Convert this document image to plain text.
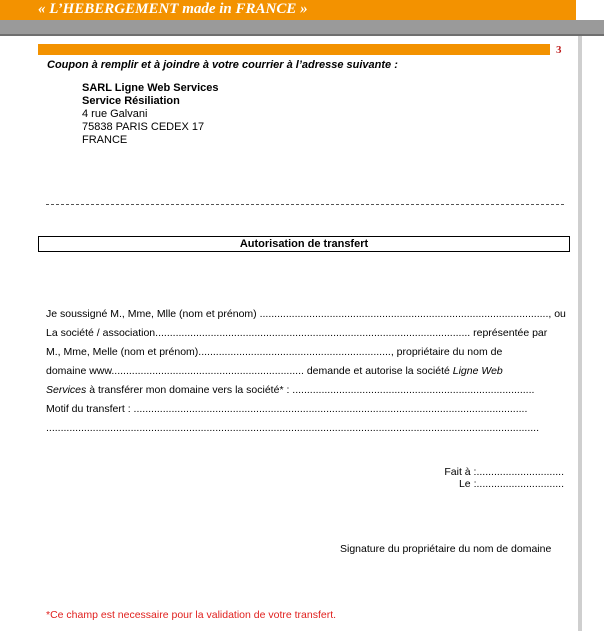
« L’HEBERGEMENT made in FRANCE »
3
Coupon à remplir et à joindre à votre courrier à l’adresse suivante :
SARL Ligne Web Services
Service Résiliation
4 rue Galvani
75838 PARIS CEDEX 17
FRANCE
Autorisation de transfert

Je soussigné M., Mme, Mlle (nom et prénom) ..................................................................................................., ou

La société / association............................................................................................................ représentée par

M., Mme, Melle (nom et prénom).................................................................., propriétaire du nom de

domaine www.................................................................. demande et autorise la société Ligne Web

Services à transférer mon domaine vers la société* : ...................................................................................

Motif du transfert : .......................................................................................................................................

.........................................................................................................................................................................

Fait à :..............................
Le :..............................
Signature du propriétaire du nom de domaine
*Ce champ est necessaire pour la validation de votre transfert.
